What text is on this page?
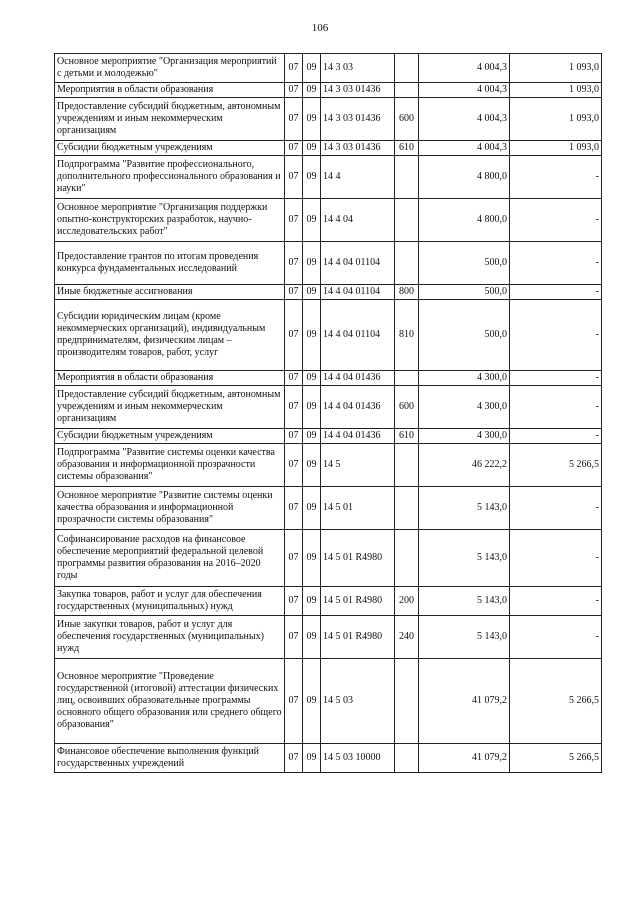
106
Основное мероприятие "Организация мероприятий с детьми и молодежью"	07	09	14 3 03		4 004,3	1 093,0
Мероприятия в области образования	07	09	14 3 03 01436		4 004,3	1 093,0
Предоставление субсидий бюджетным, автономным учреждениям и иным некоммерческим организациям	07	09	14 3 03 01436	600	4 004,3	1 093,0
Субсидии бюджетным учреждениям	07	09	14 3 03 01436	610	4 004,3	1 093,0
Подпрограмма "Развитие профессионального, дополнительного профессионального образования и науки"	07	09	14 4		4 800,0	-
Основное мероприятие "Организация поддержки опытно-конструкторских разработок, научно-исследовательских работ"	07	09	14 4 04		4 800,0	-
Предоставление грантов по итогам проведения конкурса фундаментальных исследований	07	09	14 4 04 01104		500,0	-
Иные бюджетные ассигнования	07	09	14 4 04 01104	800	500,0	-
Субсидии юридическим лицам (кроме некоммерческих организаций), индивидуальным предпринимателям, физическим лицам – производителям товаров, работ, услуг	07	09	14 4 04 01104	810	500,0	-
Мероприятия в области образования	07	09	14 4 04 01436		4 300,0	-
Предоставление субсидий бюджетным, автономным учреждениям и иным некоммерческим организациям	07	09	14 4 04 01436	600	4 300,0	-
Субсидии бюджетным учреждениям	07	09	14 4 04 01436	610	4 300,0	-
Подпрограмма "Развитие системы оценки качества образования и информационной прозрачности системы образования"	07	09	14 5		46 222,2	5 266,5
Основное мероприятие "Развитие системы оценки качества образования и информационной прозрачности системы образования"	07	09	14 5 01		5 143,0	-
Софинансирование расходов на финансовое обеспечение мероприятий федеральной целевой программы развития образования на 2016–2020 годы	07	09	14 5 01 R4980		5 143,0	-
Закупка товаров, работ и услуг для обеспечения государственных (муниципальных) нужд	07	09	14 5 01 R4980	200	5 143,0	-
Иные закупки товаров, работ и услуг для обеспечения государственных (муниципальных) нужд	07	09	14 5 01 R4980	240	5 143,0	-
Основное мероприятие "Проведение государственной (итоговой) аттестации физических лиц, освоивших образовательные программы основного общего образования или среднего общего образования"	07	09	14 5 03		41 079,2	5 266,5
Финансовое обеспечение выполнения функций государственных учреждений	07	09	14 5 03 10000		41 079,2	5 266,5
